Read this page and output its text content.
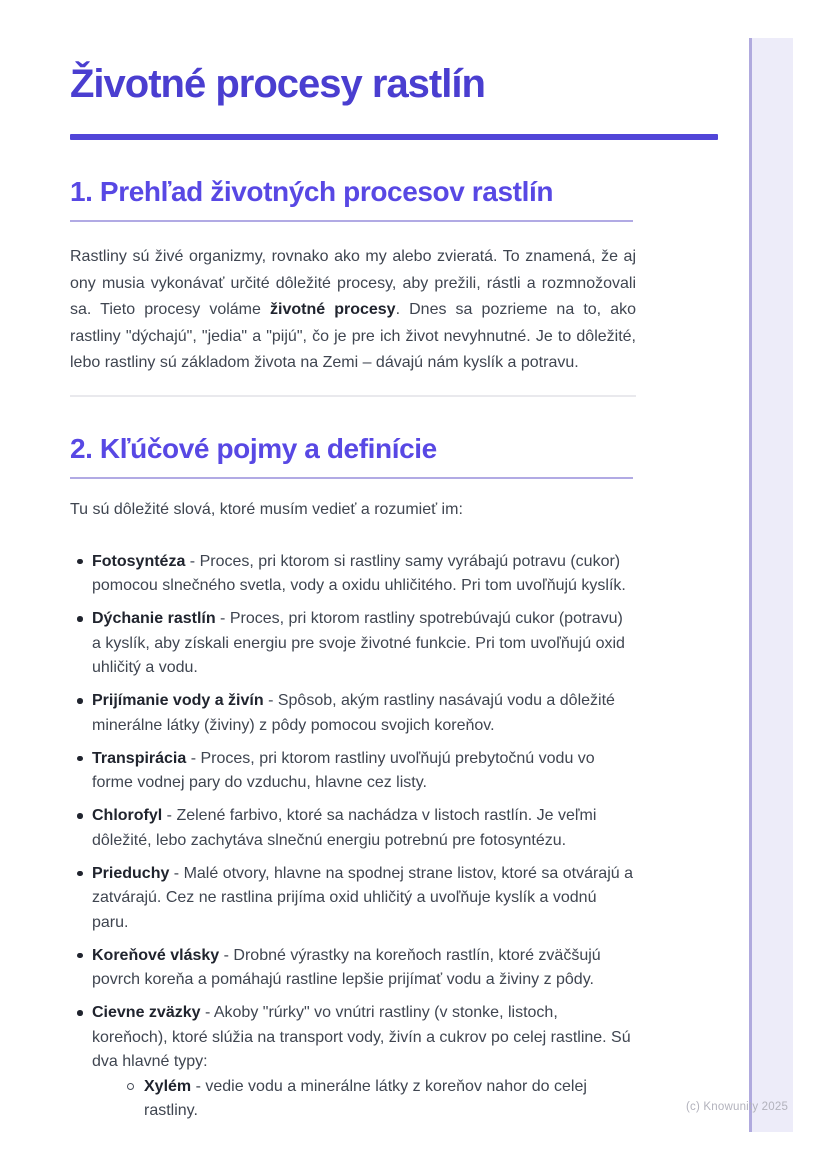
(c) Knowunity 2025
Životné procesy rastlín
1. Prehľad životných procesov rastlín

Rastliny sú živé organizmy, rovnako ako my alebo zvieratá. To znamená, že aj ony musia vykonávať určité dôležité procesy, aby prežili, rástli a rozmnožovali sa. Tieto procesy voláme životné procesy. Dnes sa pozrieme na to, ako rastliny "dýchajú", "jedia" a "pijú", čo je pre ich život nevyhnutné. Je to dôležité, lebo rastliny sú základom života na Zemi – dávajú nám kyslík a potravu.

2. Kľúčové pojmy a definície

Tu sú dôležité slová, ktoré musím vedieť a rozumieť im:

Fotosyntéza - Proces, pri ktorom si rastliny samy vyrábajú potravu (cukor) pomocou slnečného svetla, vody a oxidu uhličitého. Pri tom uvoľňujú kyslík.
Dýchanie rastlín - Proces, pri ktorom rastliny spotrebúvajú cukor (potravu) a kyslík, aby získali energiu pre svoje životné funkcie. Pri tom uvoľňujú oxid uhličitý a vodu.
Prijímanie vody a živín - Spôsob, akým rastliny nasávajú vodu a dôležité minerálne látky (živiny) z pôdy pomocou svojich koreňov.
Transpirácia - Proces, pri ktorom rastliny uvoľňujú prebytočnú vodu vo forme vodnej pary do vzduchu, hlavne cez listy.
Chlorofyl - Zelené farbivo, ktoré sa nachádza v listoch rastlín. Je veľmi dôležité, lebo zachytáva slnečnú energiu potrebnú pre fotosyntézu.
Prieduchy - Malé otvory, hlavne na spodnej strane listov, ktoré sa otvárajú a zatvárajú. Cez ne rastlina prijíma oxid uhličitý a uvoľňuje kyslík a vodnú paru.
Koreňové vlásky - Drobné výrastky na koreňoch rastlín, ktoré zväčšujú povrch koreňa a pomáhajú rastline lepšie prijímať vodu a živiny z pôdy.
Cievne zväzky - Akoby "rúrky" vo vnútri rastliny (v stonke, listoch, koreňoch), ktoré slúžia na transport vody, živín a cukrov po celej rastline. Sú dva hlavné typy:
Xylém - vedie vodu a minerálne látky z koreňov nahor do celej rastliny.
